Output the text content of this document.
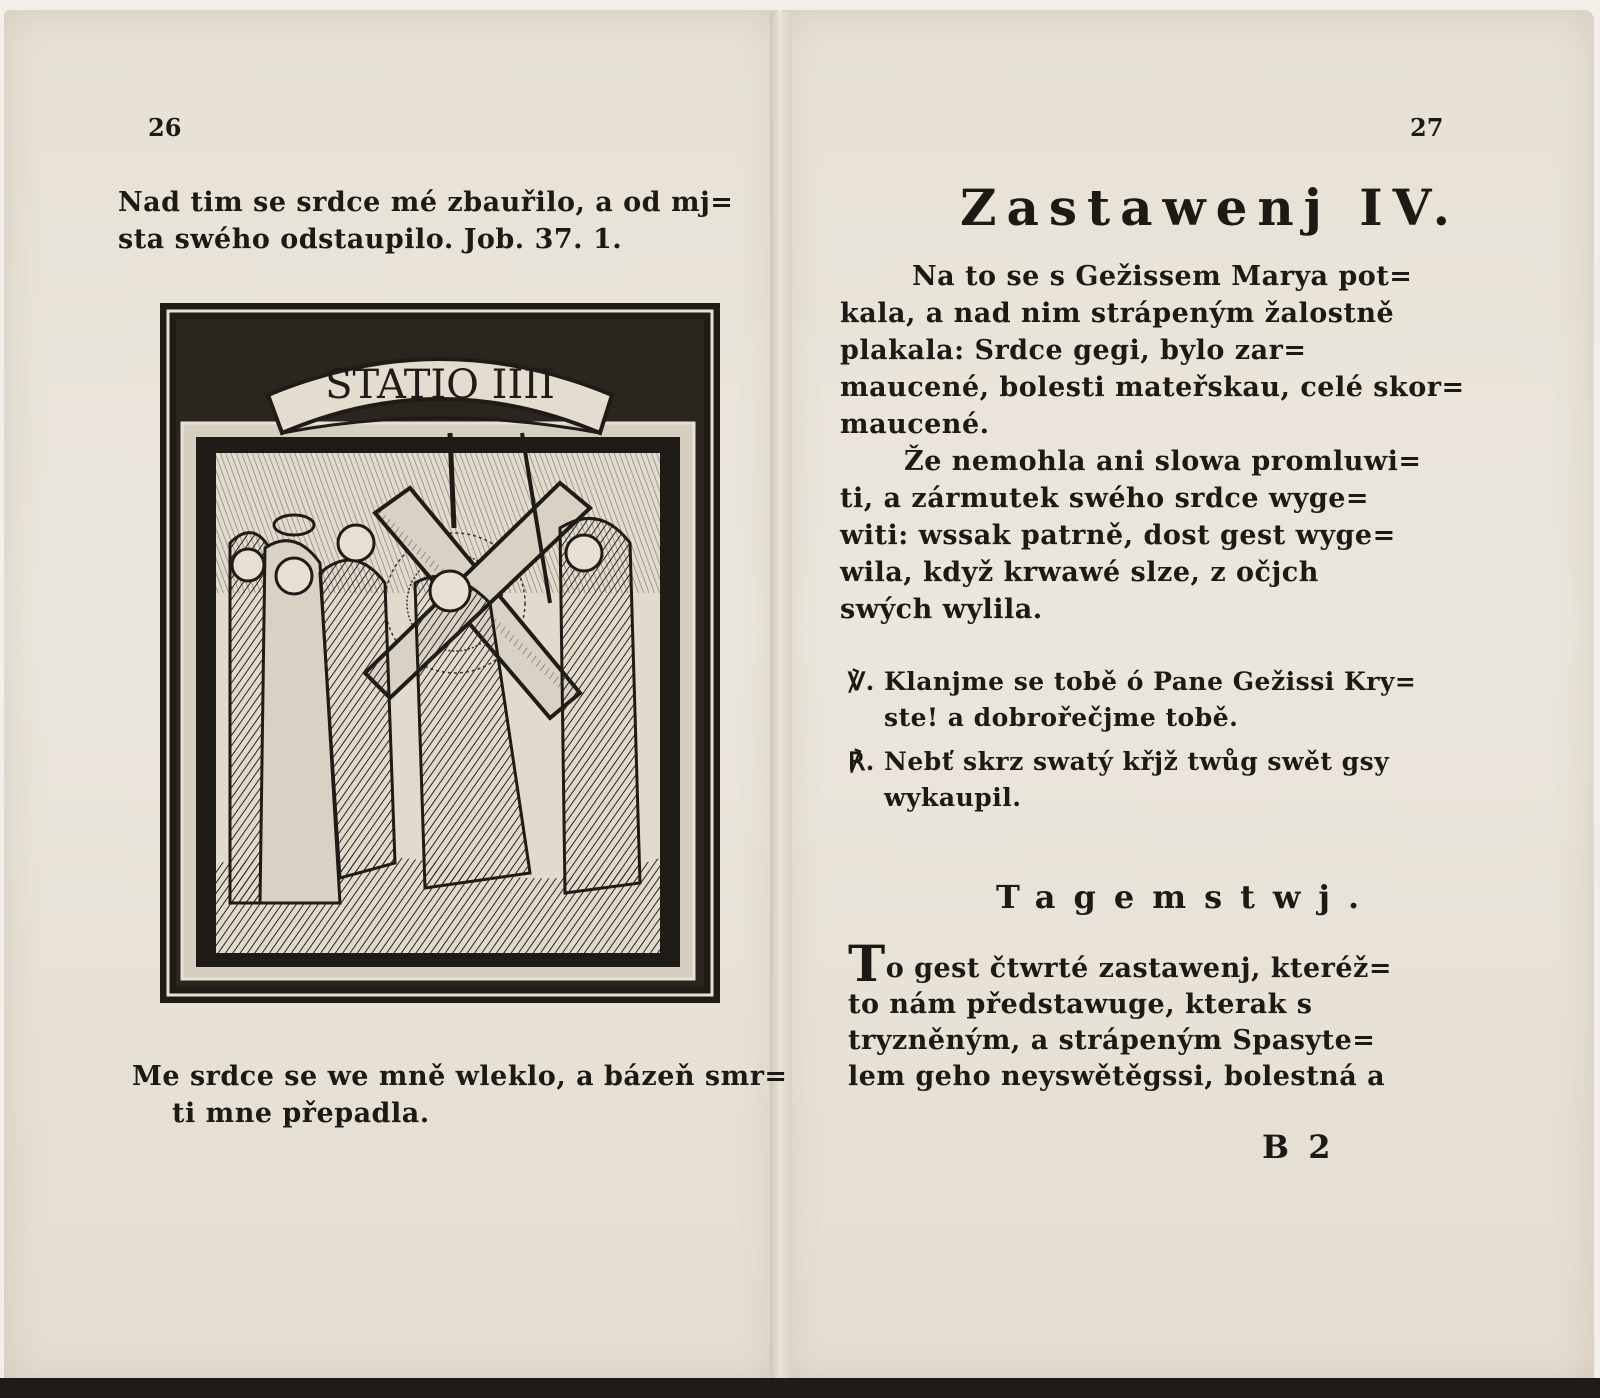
26
Nad tim se srdce mé zbauřilo, a od mj=
sta swého odstaupilo. Job. 37. 1.
STATIO IIII
Me srdce se we mně wleklo, a bázeň smr=
ti mne přepadla.
27
Zastawenj IV.
Na to se s Gežissem Marya pot=
kala, a nad nim strápeným žalostně
plakala: Srdce gegi, bylo zar=
maucené, bolesti mateřskau, celé skor=
maucené.
Že nemohla ani slowa promluwi=
ti, a zármutek swého srdce wyge=
witi: wssak patrně, dost gest wyge=
wila, když krwawé slze, z očjch
swých wylila.
℣. Klanjme se tobě ó Pane Gežissi Kry=
ste! a dobrořečjme tobě.
℟. Nebť skrz swatý křjž twůg swět gsy
wykaupil.
Tagemstwj.
To gest čtwrté zastawenj, kteréž=
to nám předstawuge, kterak s
tryzněným, a strápeným Spasyte=
lem geho neyswětěgssi, bolestná a
B 2
